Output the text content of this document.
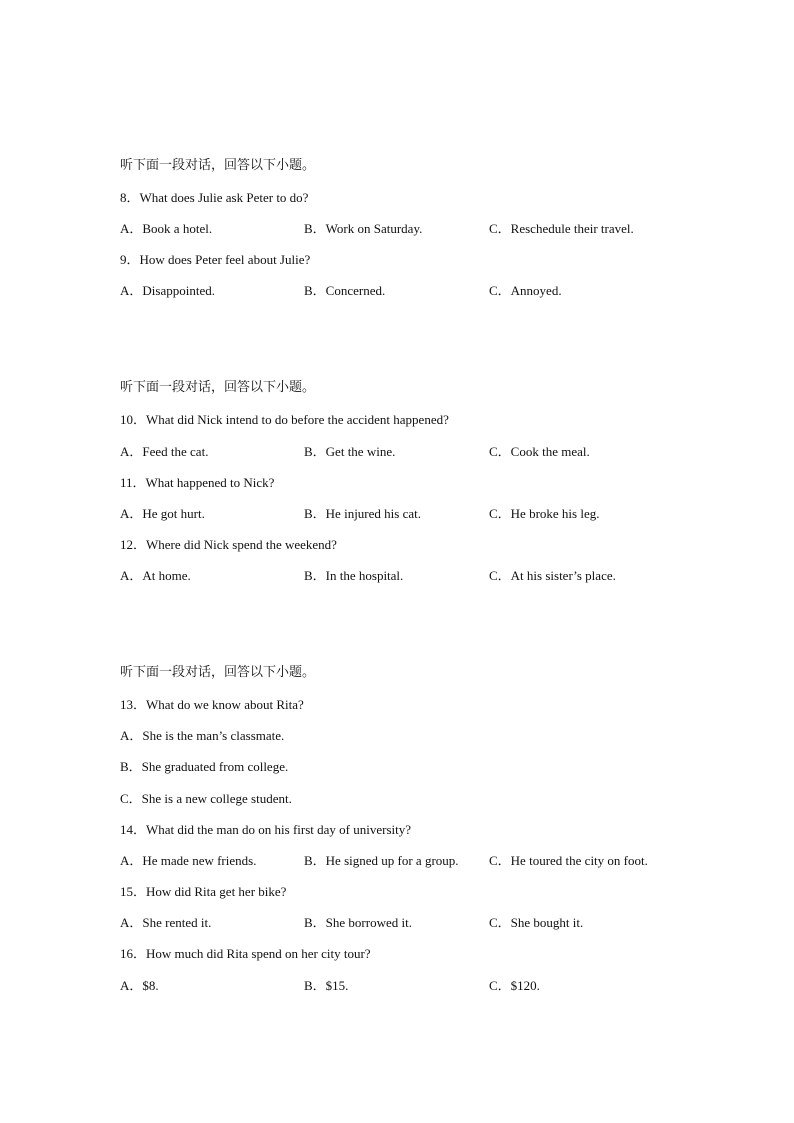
听下面一段对话，回答以下小题。
8．What does Julie ask Peter to do?
A．Book a hotel.	B．Work on Saturday.	C．Reschedule their travel.
9．How does Peter feel about Julie?
A．Disappointed.	B．Concerned.	C．Annoyed.
听下面一段对话，回答以下小题。
10．What did Nick intend to do before the accident happened?
A．Feed the cat.	B．Get the wine.	C．Cook the meal.
11．What happened to Nick?
A．He got hurt.	B．He injured his cat.	C．He broke his leg.
12．Where did Nick spend the weekend?
A．At home.	B．In the hospital.	C．At his sister’s place.
听下面一段对话，回答以下小题。
13．What do we know about Rita?
A．She is the man’s classmate.
B．She graduated from college.
C．She is a new college student.
14．What did the man do on his first day of university?
A．He made new friends.	B．He signed up for a group. C．He toured the city on foot.
15．How did Rita get her bike?
A．She rented it.	B．She borrowed it.	C．She bought it.
16．How much did Rita spend on her city tour?
A．$8.	B．$15.	C．$120.
